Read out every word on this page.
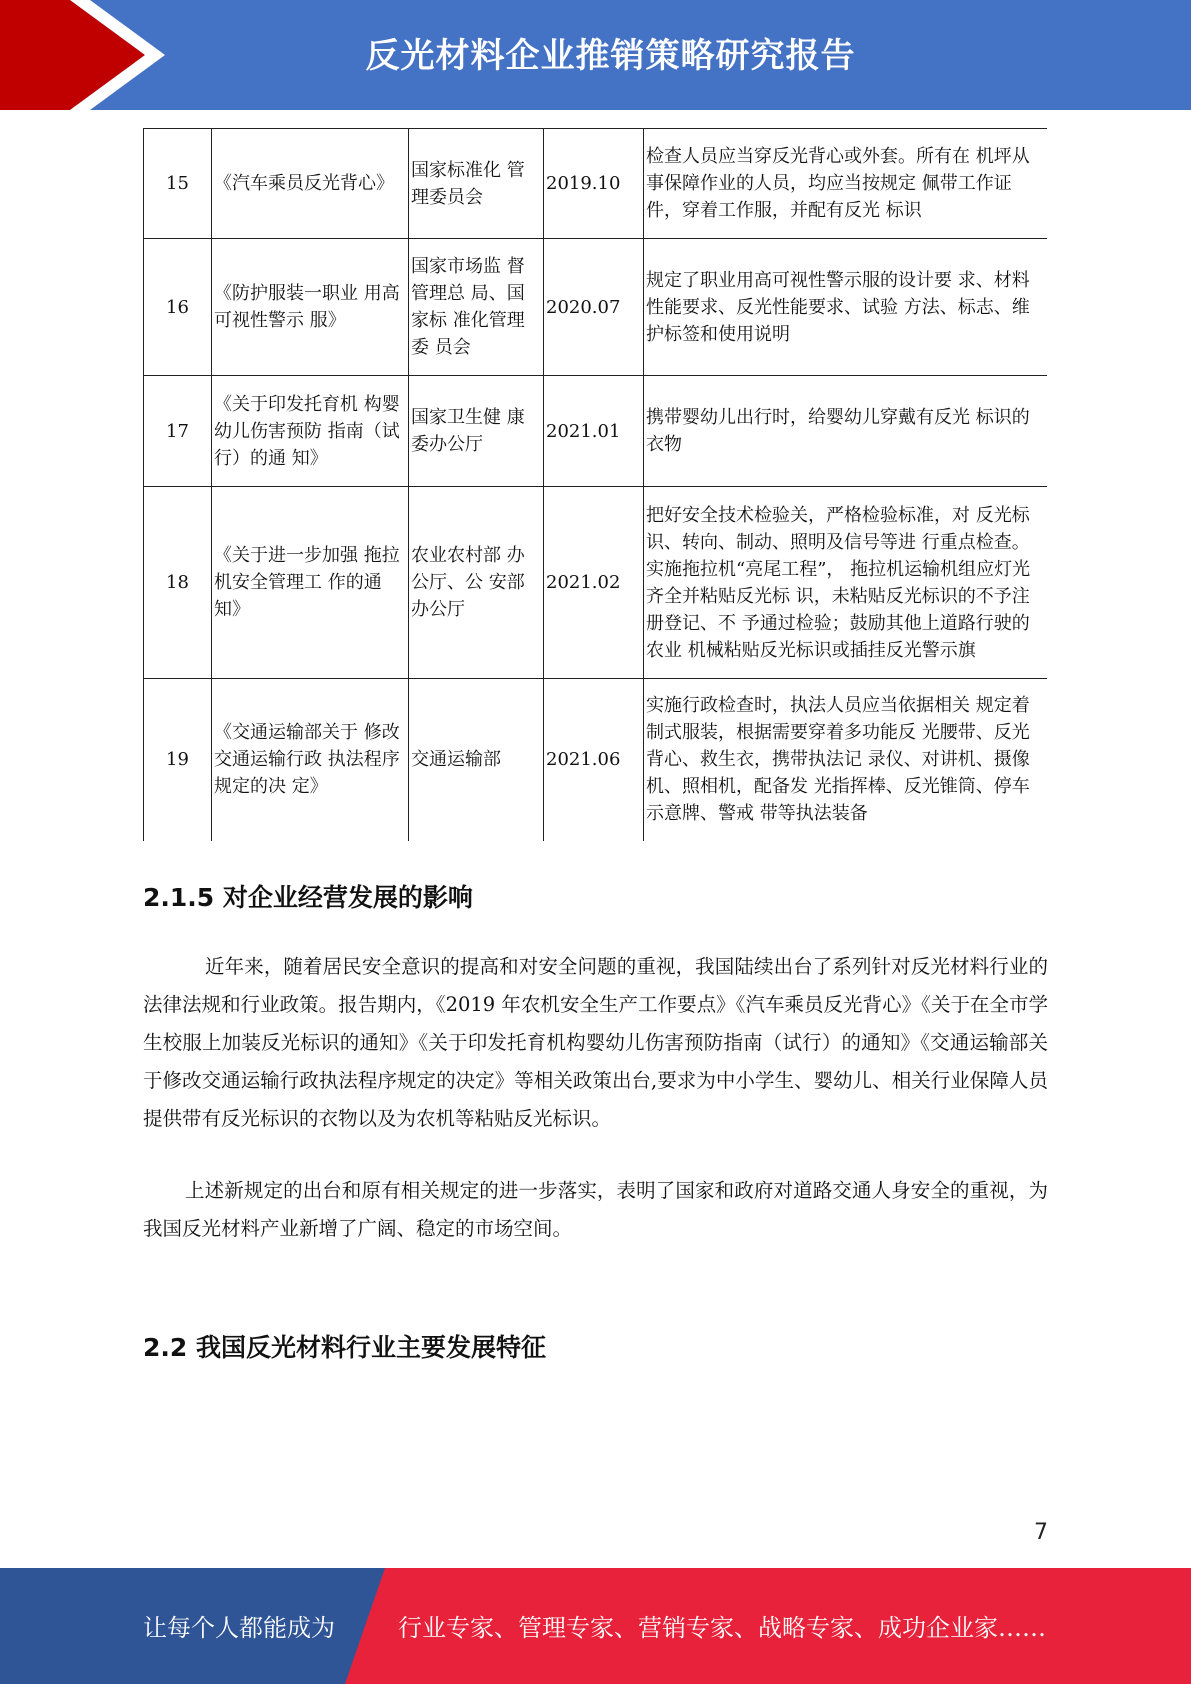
反光材料企业推销策略研究报告
15	《汽车乘员反光背心》	国家标准化 管理委员会	2019.10	检查人员应当穿反光背心或外套。所有在 机坪从事保障作业的人员，均应当按规定 佩带工作证件，穿着工作服，并配有反光 标识
16	《防护服装一职业 用高可视性警示 服》	国家市场监 督管理总 局、国家标 准化管理委 员会	2020.07	规定了职业用高可视性警示服的设计要 求、材料性能要求、反光性能要求、试验 方法、标志、维护标签和使用说明
17	《关于印发托育机 构婴幼儿伤害预防 指南（试行）的通 知》	国家卫生健 康委办公厅	2021.01	携带婴幼儿出行时，给婴幼儿穿戴有反光 标识的衣物
18	《关于进一步加强 拖拉机安全管理工 作的通知》	农业农村部 办公厅、公 安部办公厅	2021.02	把好安全技术检验关，严格检验标准，对 反光标识、转向、制动、照明及信号等进 行重点检查。实施拖拉机“亮尾工程”， 拖拉机运输机组应灯光齐全并粘贴反光标 识，未粘贴反光标识的不予注册登记、不 予通过检验；鼓励其他上道路行驶的农业 机械粘贴反光标识或插挂反光警示旗
19	《交通运输部关于 修改交通运输行政 执法程序规定的决 定》	交通运输部	2021.06	实施行政检查时，执法人员应当依据相关 规定着制式服装，根据需要穿着多功能反 光腰带、反光背心、救生衣，携带执法记 录仪、对讲机、摄像机、照相机，配备发 光指挥棒、反光锥筒、停车示意牌、警戒 带等执法装备
2.1.5 对企业经营发展的影响

近年来，随着居民安全意识的提高和对安全问题的重视，我国陆续出台了系列针对反光材料行业的法律法规和行业政策。报告期内，《2019 年农机安全生产工作要点》《汽车乘员反光背心》《关于在全市学生校服上加装反光标识的通知》《关于印发托育机构婴幼儿伤害预防指南（试行）的通知》《交通运输部关于修改交通运输行政执法程序规定的决定》等相关政策出台,要求为中小学生、婴幼儿、相关行业保障人员提供带有反光标识的衣物以及为农机等粘贴反光标识。

上述新规定的出台和原有相关规定的进一步落实，表明了国家和政府对道路交通人身安全的重视，为我国反光材料产业新增了广阔、稳定的市场空间。

2.2 我国反光材料行业主要发展特征
7
让每个人都能成为	行业专家、管理专家、营销专家、战略专家、成功企业家……
